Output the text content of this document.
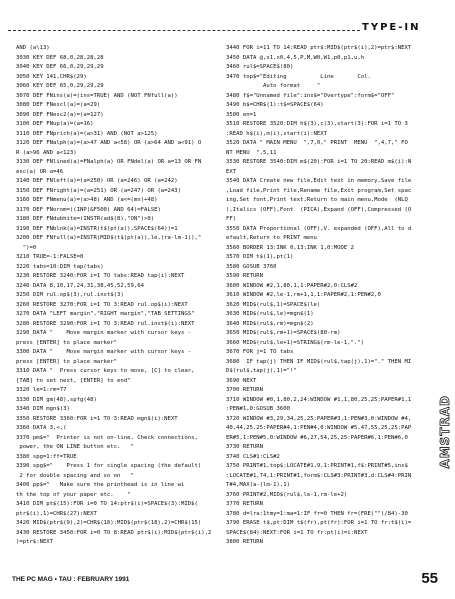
TYPE-IN
AND (a\13)
3030 KEY DEF 68,0,28,28,28
3040 KEY DEF 66,0,29,29,29
3050 KEY 141,CHR$(29)
3060 KEY DEF 65,0,29,29,29
3070 DEF FNins(a)=(ins=TRUE) AND (NOT FNfull(a))
3080 DEF FNescl(a)=(a=29)
3090 DEF FNesc2(a)=(a=127)
3100 DEF FNup(a)=(a=16)
3110 DEF FNprich(a)=(a>31) AND (NOT a>125)
3120 DEF FNalph(a)=(a>47 AND a<58) OR (a>64 AND a<91) O
R (a>96 AND a<123)
3130 DEF FNlined(a)=FNalph(a) OR FNdel(a) OR a=13 OR FN
esc(a) OR a=46
3140 DEF FNleft(a)=(a=250) OR (a=246) OR (a=242)
3150 DEF FNright(a)=(a=251) OR (a=247) OR (a=243)
3160 DEF FNmenu(a)=(a>48) AND (a<=(mn)+48)
3170 DEF FNorom=((INP(&F500) AND 64)=FALSE)
3180 DEF FNdubhite=(INSTR(ad$(8),"ON")>0)
3190 DEF FNblnk(a)=INSTR(t$(pt(a)),SPACE$(64))=1
3200 DEF FNfull(a)=INSTR(MID$(t$(pt(a)),le,(ra-lm-1)),"
")=0
3210 TRUE=-1:FALSE=0
3220 tabs=10:DIM tap(tabs)
3230 RESTORE 3240:FOR i=1 TO tabs:READ tap(i):NEXT
3240 DATA 8,10,17,24,31,38,45,52,59,64
3250 DIM rul.op$(3),rul.inst$(3)
3260 RESTORE 3270:FOR i=1 TO 3:READ rul.op$(i):NEXT
3270 DATA "LEFT margin","RIGHT margin","TAB SETTINGS"
3280 RESTORE 3290:FOR i=1 TO 3:READ rul.inst$(i):NEXT
3290 DATA "    Move margin marker with cursor keys -
press [ENTER] to place marker"
3300 DATA "    Move margin marker with cursor keys -
press [ENTER] to place marker"
3310 DATA "  Press cursor keys to move, [C] to clear,
[TAB] to set next, [ENTER] to end"
3320 le=1:rm=77
3330 DIM gm(48),spfg(48)
3340 DIM mgn$(3)
3350 RESTORE 3360:FOR i=1 TO 3:READ mgn$(i):NEXT
3360 DATA 3,<,(
3370 pm$="  Printer is not on-line. Check connections,
power, the ON LINE button etc.   "
3380 spg=1:ff=TRUE
3390 spg$="    Press 1 for single spacing (the default)
2 for double spacing and so on   "
3400 pp$="   Make sure the printhead is in line wi
th the top of your paper etc.    "
3410 DIM pt$(15):FOR i=0 TO 14:ptr$(i)=SPACE$(3):MID$(
ptr$(i),1)=CHR$(27):NEXT
3420 MID$(ptr$(9),2)=CHR$(18):MID$(ptr$(18),2)=CHR$(15)
3430 RESTORE 3450:FOR i=0 TO 8:READ ptr$(i):MID$(ptr$(i),2
)=ptr$:NEXT
3440 FOR i=11 TO 14:READ ptr$:MID$(ptr$(i),2)=ptr$:NEXT
3450 DATA @,x1,x0,4,5,P,M,W0,W1,p0,p1,u,h
3460 rul$=SPACE$(80)
3470 top$="Editing          Line       Col.
Auto format     "
3480 f$="Unnamed file":ins$="Overtype":form$="OFF"
3490 b$=CHR$(1):t$=SPACE$(64)
3500 en=1
3510 RESTORE 3520:DIM h$(3),c(3),start(3):FOR i=1 TO 3
:READ h$(i),m(i),start(i):NEXT
3520 DATA " MAIN MENU  ",7,0," PRINT  MENU  ",4,7," FO
NT MENU  ",5,11
3530 RESTORE 3540:DIM m$(20):FOR i=1 TO 20:READ m$(i):N
EXT
3540 DATA Create new file,Edit text in memory,Save file
,Load file,Print file,Rename file,Exit program,Set spac
ing,Set font,Print text,Return to main menu,Mode  (NLQ
),Italics (OFF),Font  (PICA),Expand (OFF),Compressed (O
FF)
3550 DATA Proportional (OFF),V. expanded (OFF),All to d
efault,Return to PRINT menu
3560 BORDER 13:INK 0,13:INK 1,0:MODE 2
3570 DIM t$(1),pt(1)
3580 GOSUB 3760
3590 RETURN
3600 WINDOW #2,1,80,1,1:PAPER#2,0:CLS#2
3610 WINDOW #2,le-1,rm+1,1,1:PAPER#2,1:PEN#2,0
3620 MID$(rul$,1)=SPACE$(le)
3630 MID$(rul$,le)=mgn$(1)
3640 MID$(rul$,rm)=mgn$(2)
3650 MID$(rul$,rm+1)=SPACE$(80-rm)
3660 MID$(rul$,le+1)=STRING$(rm-le-1,".")
3670 FOR j=1 TO tabs
3680  IF tap(j) THEN IF MID$(rul$,tap(j),1)="." THEN MI
D$(rul$,tap(j),1)="!"
3690 NEXT
3700 RETURN
3710 WINDOW #0,1,80,2,24:WINDOW #1,1,80,25,25:PAPER#1,1
:PEN#1,0:GOSUB 3600
3720 WINDOW #3,29,34,25,25:PAPER#3,1:PEN#3,0:WINDOW #4,
40,44,25,25:PAPER#4,1:PEN#4,0:WINDOW #5,47,55,25,25:PAP
ER#5,1:PEN#5,0:WINDOW #6,27,54,25,25:PAPER#6,1:PEN#6,0
3730 RETURN
3740 CLS#1:CLS#2
3750 PRINT#1,top$:LOCATE#1,9,1:PRINT#1,f$:PRINT#5,ins$
:LOCATE#1,74,1:PRINT#1,form$:CLS#3:PRINT#3,d:CLS#4:PRIN
T#4,MAX(a-(lm-1),1)
3760 PRINT#2,MID$(rul$,le-1,rm-le+2)
3770 RETURN
3780 d=lra:1tmy=1:ma=1:IF fr=0 THEN fr=(FRE("")/84)-30
3790 ERASE t$,pt:DIM t$(fr),pt(fr):FOR i=1 TO fr:t$(i)=
SPACE$(84):NEXT:FOR i=1 TO fr:pt(i)=i:NEXT
3800 RETURN
AMSTRAD
THE PC MAG • TAU : FEBRUARY 1991	55
